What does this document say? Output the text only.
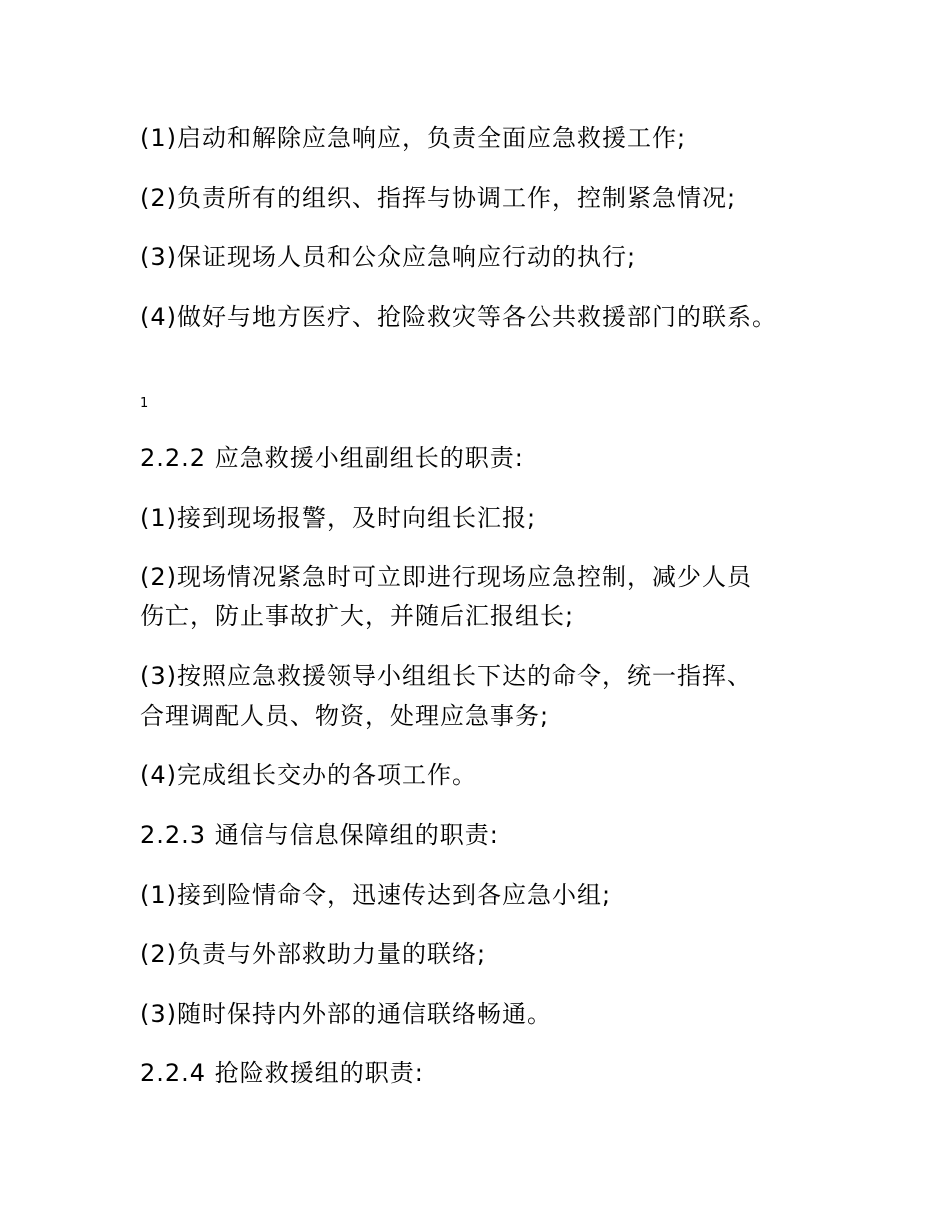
(1)启动和解除应急响应，负责全面应急救援工作;
(2)负责所有的组织、指挥与协调工作，控制紧急情况;
(3)保证现场人员和公众应急响应行动的执行;
(4)做好与地方医疗、抢险救灾等各公共救援部门的联系。
1
2.2.2 应急救援小组副组长的职责:
(1)接到现场报警，及时向组长汇报;
(2)现场情况紧急时可立即进行现场应急控制，减少人员
伤亡，防止事故扩大，并随后汇报组长;
(3)按照应急救援领导小组组长下达的命令，统一指挥、
合理调配人员、物资，处理应急事务;
(4)完成组长交办的各项工作。
2.2.3 通信与信息保障组的职责:
(1)接到险情命令，迅速传达到各应急小组;
(2)负责与外部救助力量的联络;
(3)随时保持内外部的通信联络畅通。
2.2.4 抢险救援组的职责:
